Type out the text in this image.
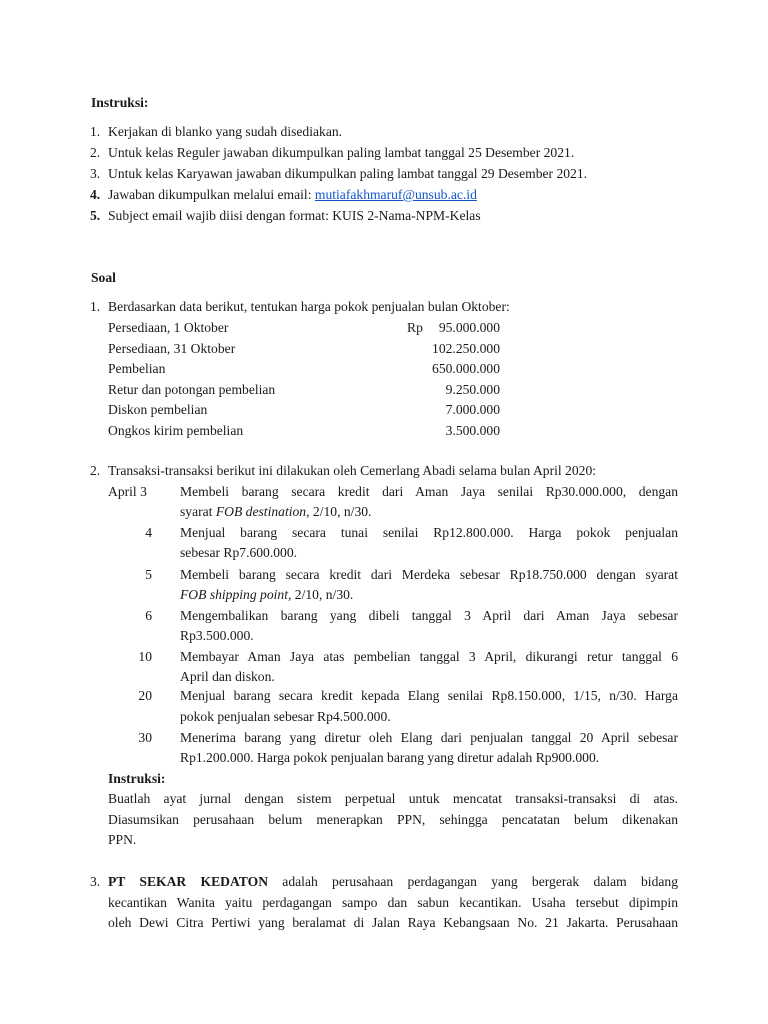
Instruksi:
1. Kerjakan di blanko yang sudah disediakan.
2. Untuk kelas Reguler jawaban dikumpulkan paling lambat tanggal 25 Desember 2021.
3. Untuk kelas Karyawan jawaban dikumpulkan paling lambat tanggal 29 Desember 2021.
4. Jawaban dikumpulkan melalui email: mutiafakhmaruf@unsub.ac.id
5. Subject email wajib diisi dengan format: KUIS 2-Nama-NPM-Kelas
Soal
1. Berdasarkan data berikut, tentukan harga pokok penjualan bulan Oktober:
Persediaan, 1 Oktober	Rp	95.000.000
Persediaan, 31 Oktober	102.250.000
Pembelian	650.000.000
Retur dan potongan pembelian	9.250.000
Diskon pembelian	7.000.000
Ongkos kirim pembelian	3.500.000
2. Transaksi-transaksi berikut ini dilakukan oleh Cemerlang Abadi selama bulan April 2020:
April 3 Membeli barang secara kredit dari Aman Jaya senilai Rp30.000.000, dengan
syarat FOB destination, 2/10, n/30.
4 Menjual barang secara tunai senilai Rp12.800.000. Harga pokok penjualan
sebesar Rp7.600.000.
5 Membeli barang secara kredit dari Merdeka sebesar Rp18.750.000 dengan syarat
FOB shipping point, 2/10, n/30.
6 Mengembalikan barang yang dibeli tanggal 3 April dari Aman Jaya sebesar
Rp3.500.000.
10 Membayar Aman Jaya atas pembelian tanggal 3 April, dikurangi retur tanggal 6
April dan diskon.
20 Menjual barang secara kredit kepada Elang senilai Rp8.150.000, 1/15, n/30. Harga
pokok penjualan sebesar Rp4.500.000.
30 Menerima barang yang diretur oleh Elang dari penjualan tanggal 20 April sebesar
Rp1.200.000. Harga pokok penjualan barang yang diretur adalah Rp900.000.
Instruksi:
Buatlah ayat jurnal dengan sistem perpetual untuk mencatat transaksi-transaksi di atas.
Diasumsikan perusahaan belum menerapkan PPN, sehingga pencatatan belum dikenakan
PPN.
3. PT SEKAR KEDATON adalah perusahaan perdagangan yang bergerak dalam bidang
kecantikan Wanita yaitu perdagangan sampo dan sabun kecantikan. Usaha tersebut dipimpin
oleh Dewi Citra Pertiwi yang beralamat di Jalan Raya Kebangsaan No. 21 Jakarta. Perusahaan
